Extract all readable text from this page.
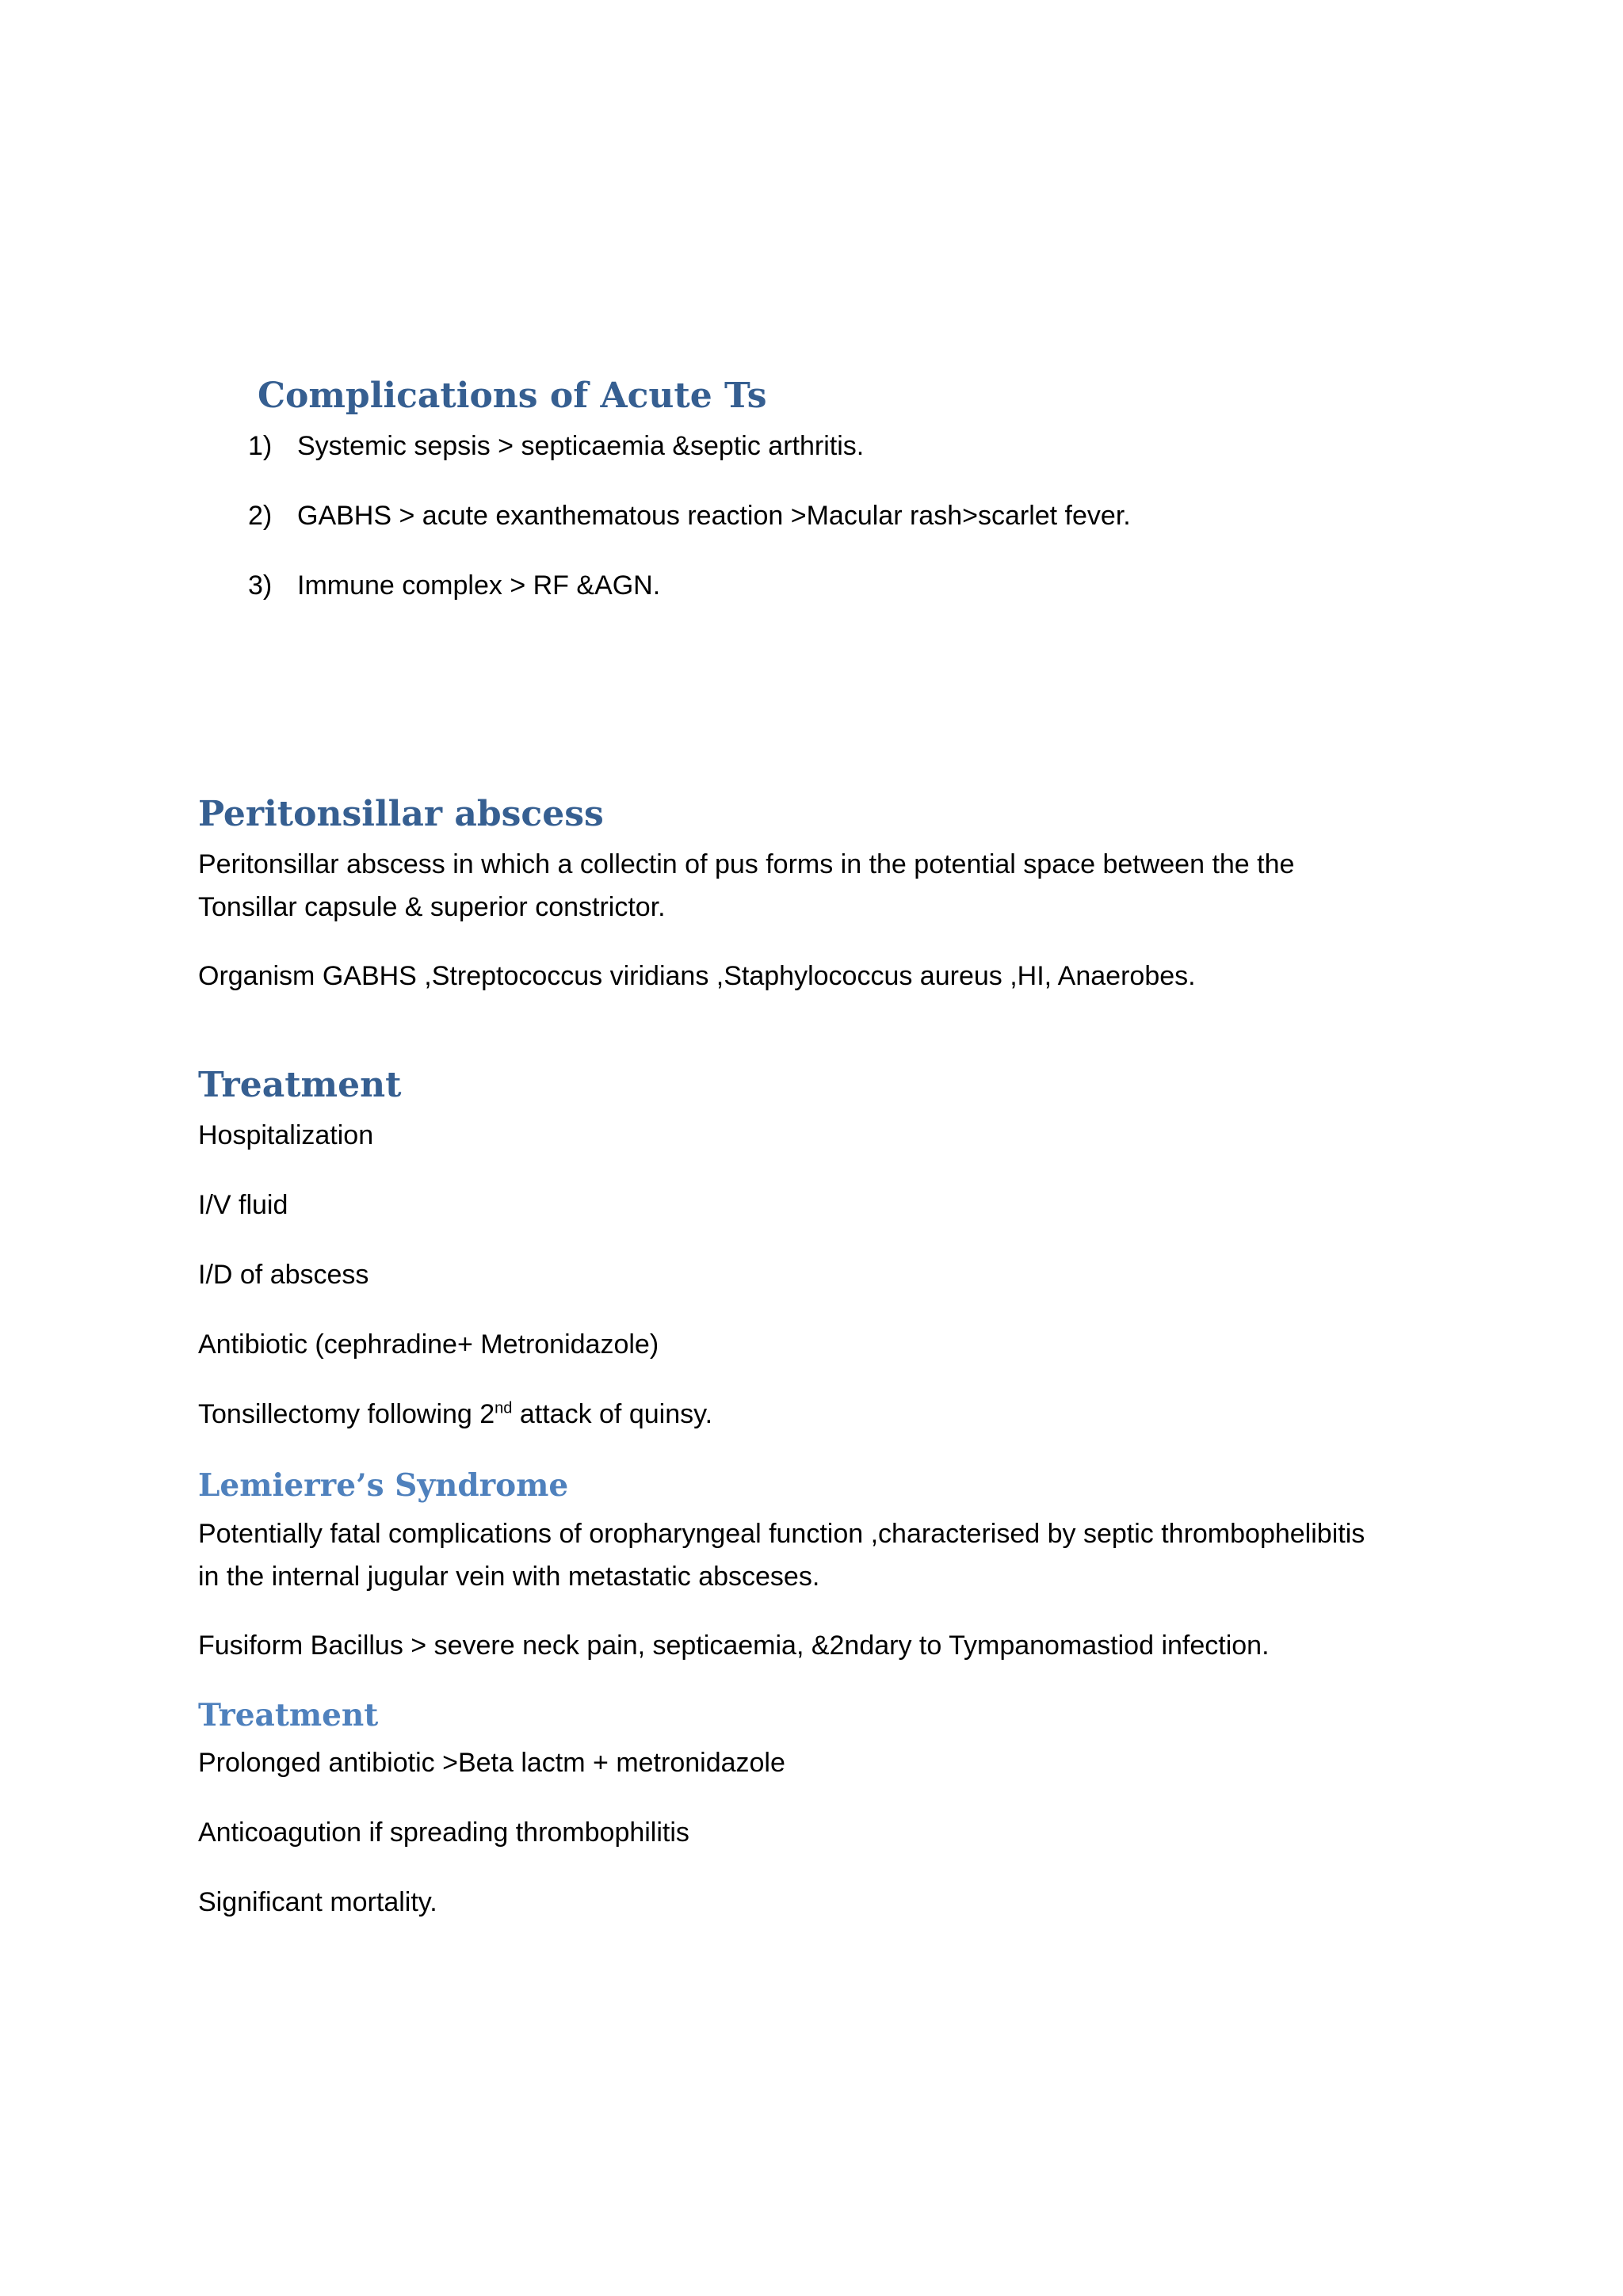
Complications of Acute Ts
1) Systemic sepsis > septicaemia &septic arthritis.
2) GABHS > acute exanthematous reaction >Macular rash>scarlet fever.
3) Immune complex > RF &AGN.
Peritonsillar abscess

Peritonsillar abscess in which a collectin of pus forms in the potential space between the the

Tonsillar capsule & superior constrictor.

Organism GABHS ,Streptococcus viridians ,Staphylococcus aureus ,HI, Anaerobes.

Treatment

Hospitalization

I/V fluid

I/D of abscess

Antibiotic (cephradine+ Metronidazole)

Tonsillectomy following 2nd attack of quinsy.

Lemierre’s Syndrome

Potentially fatal complications of oropharyngeal function ,characterised by septic thrombophelibitis

in the internal jugular vein with metastatic absceses.

Fusiform Bacillus > severe neck pain, septicaemia, &2ndary to Tympanomastiod infection.

Treatment

Prolonged antibiotic >Beta lactm + metronidazole

Anticoagution if spreading thrombophilitis

Significant mortality.
